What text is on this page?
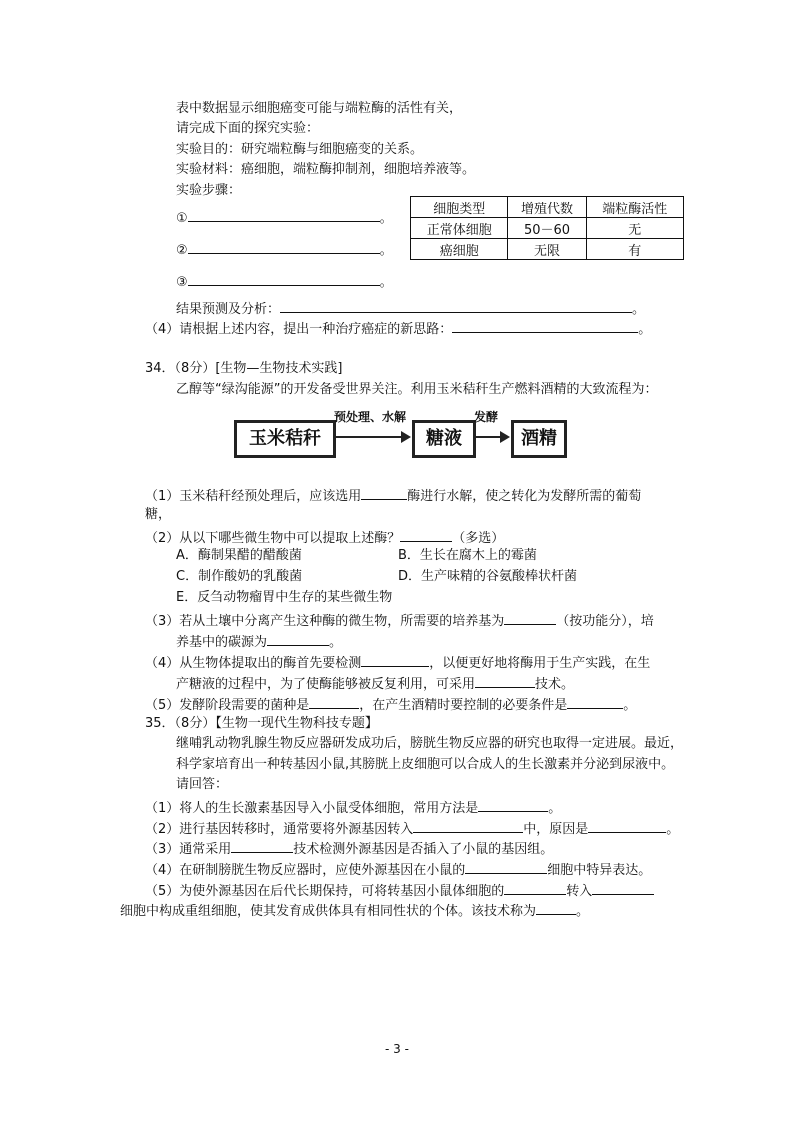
表中数据显示细胞癌变可能与端粒酶的活性有关，
请完成下面的探究实验：
实验目的：研究端粒酶与细胞癌变的关系。
实验材料：癌细胞，端粒酶抑制剂，细胞培养液等。
实验步骤：
①	。
②	。
③	。
细胞类型	增殖代数	端粒酶活性
正常体细胞	50－60	无
癌细胞	无限	有
结果预测及分析：	。
（4）请根据上述内容，提出一种治疗癌症的新思路：	。
34．（8分）[生物—生物技术实践]
乙醇等“绿沟能源”的开发备受世界关注。利用玉米秸秆生产燃料酒精的大致流程为：
玉米秸秆
预处理、水解
糖液
发酵
酒精
（1）玉米秸秆经预处理后，应该选用	酶进行水解，使之转化为发酵所需的葡萄
糖，
（2）从以下哪些微生物中可以提取上述酶？	（多选）
A．酶制果醋的醋酸菌	B．生长在腐木上的霉菌
C．制作酸奶的乳酸菌	D．生产味精的谷氨酸棒状杆菌
E．反刍动物瘤胃中生存的某些微生物
（3）若从土壤中分离产生这种酶的微生物，所需要的培养基为	（按功能分），培
养基中的碳源为	。
（4）从生物体提取出的酶首先要检测	，以便更好地将酶用于生产实践，在生
产糖液的过程中，为了使酶能够被反复利用，可采用	技术。
（5）发酵阶段需要的菌种是	，在产生酒精时要控制的必要条件是	。
35．（8分）【生物一现代生物科技专题】
继哺乳动物乳腺生物反应器研发成功后，膀胱生物反应器的研究也取得一定进展。最近，
科学家培育出一种转基因小鼠,其膀胱上皮细胞可以合成人的生长激素并分泌到尿液中。
请回答：
（1）将人的生长激素基因导入小鼠受体细胞，常用方法是	。
（2）进行基因转移时，通常要将外源基因转入	中，原因是	。
（3）通常采用	技术检测外源基因是否插入了小鼠的基因组。
（4）在研制膀胱生物反应器时，应使外源基因在小鼠的	细胞中特异表达。
（5）为使外源基因在后代长期保持，可将转基因小鼠体细胞的	转入
细胞中构成重组细胞，使其发育成供体具有相同性状的个体。该技术称为	。
- 3 -
